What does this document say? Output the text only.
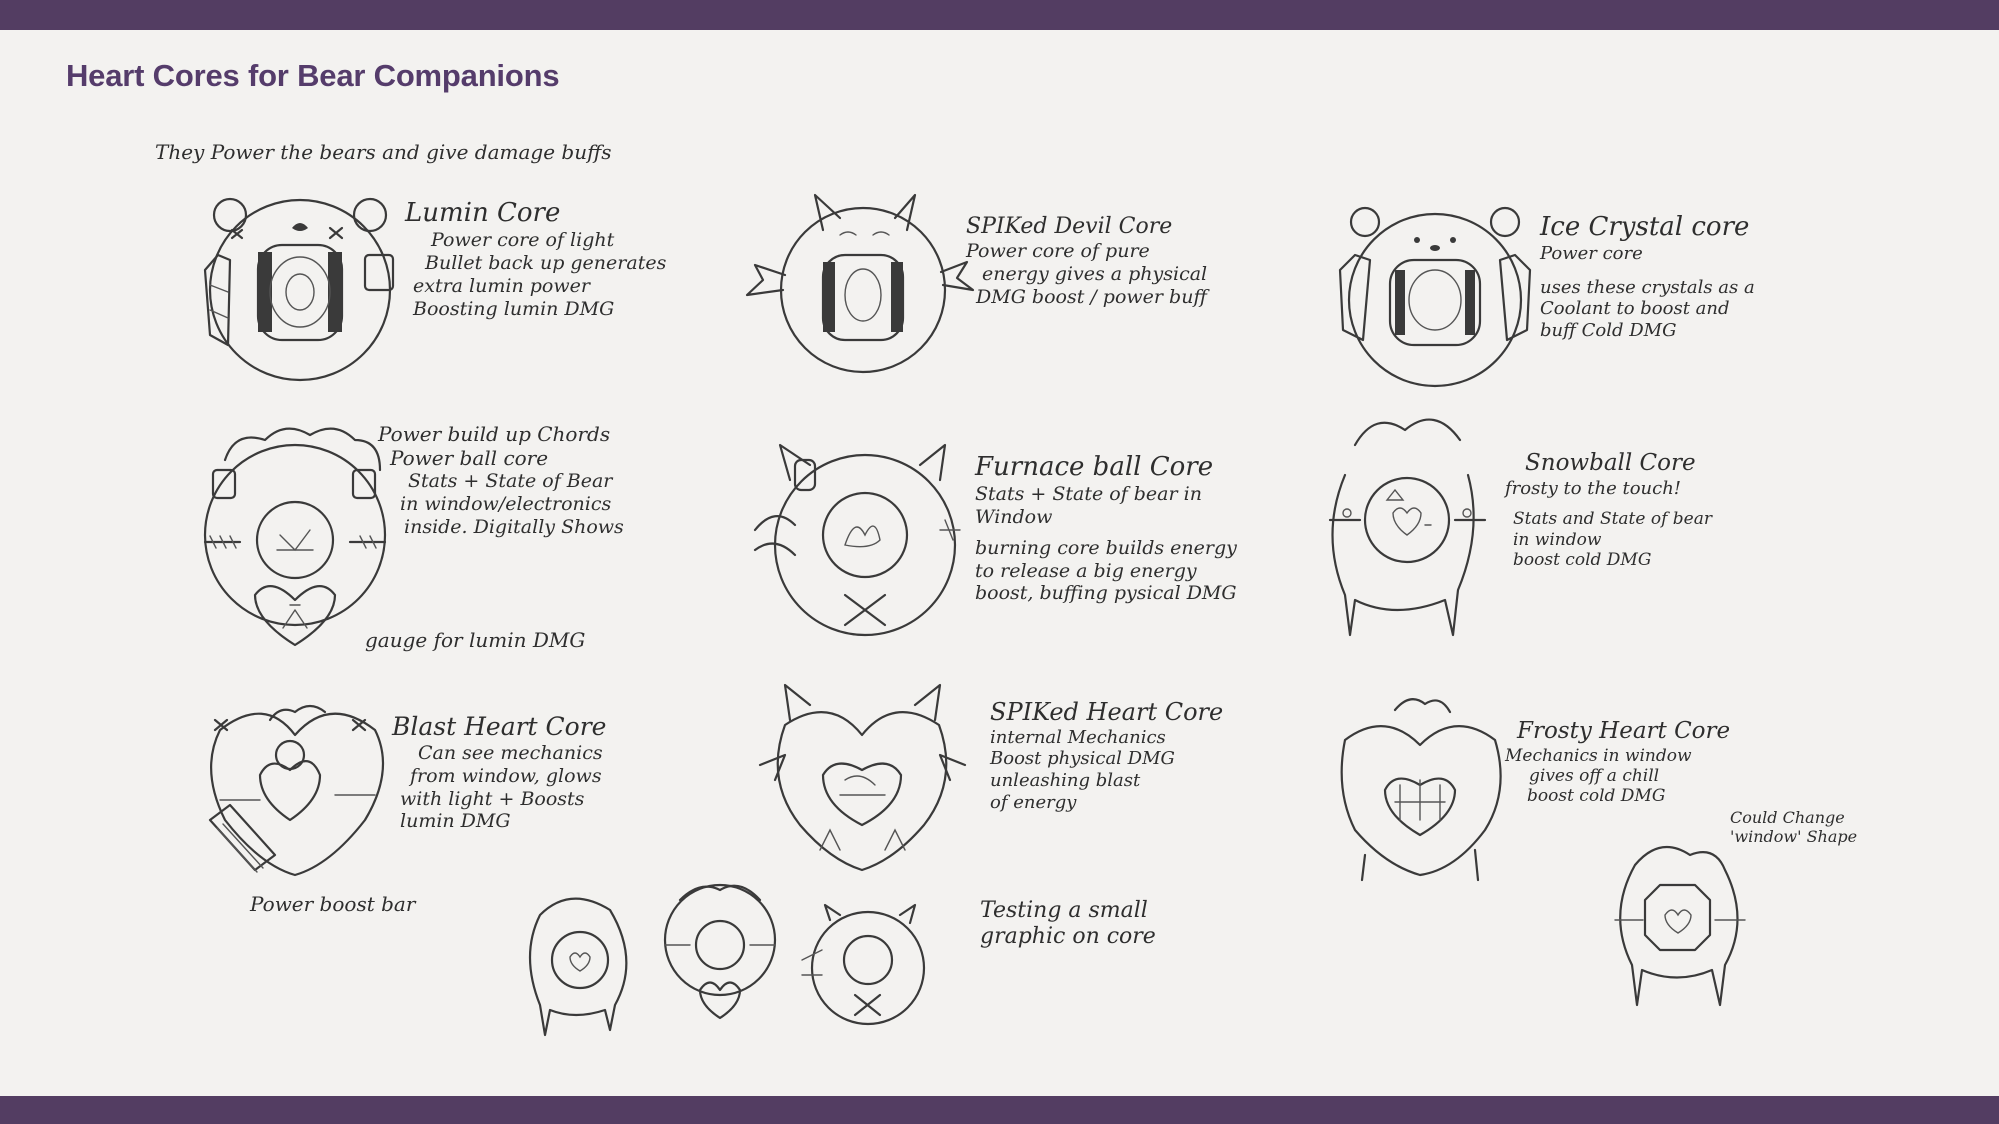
Heart Cores for Bear Companions

They Power the bears and give damage buffs

Lumin Core
Power core of light
Bullet back up generates
extra lumin power
Boosting lumin DMG
SPIKed Devil Core
Power core of pure
energy gives a physical
DMG boost / power buff
Ice Crystal core
Power core
uses these crystals as a
Coolant to boost and
buff Cold DMG
Power build up Chords
Power ball core
Stats + State of Bear
in window/electronics
inside. Digitally Shows
gauge for lumin DMG
Furnace ball Core
Stats + State of bear in
Window
burning core builds energy
to release a big energy
boost, buffing pysical DMG
Snowball Core
frosty to the touch!
Stats and State of bear
in window
boost cold DMG
Blast Heart Core
Can see mechanics
from window, glows
with light + Boosts
lumin DMG
Power boost bar
SPIKed Heart Core
internal Mechanics
Boost physical DMG
unleashing blast
of energy
Frosty Heart Core
Mechanics in window
gives off a chill
boost cold DMG
Could Change
'window' Shape
Testing a small
graphic on core
